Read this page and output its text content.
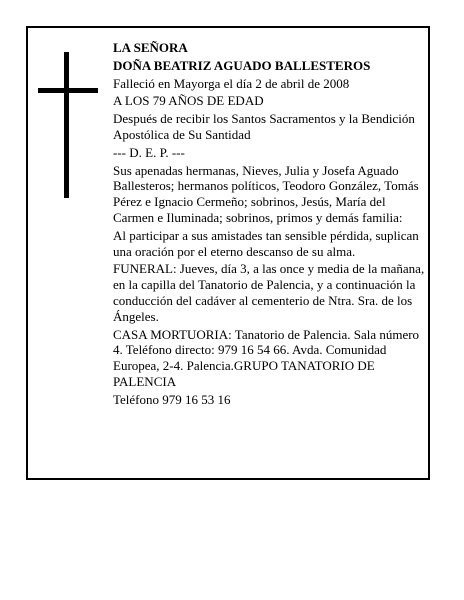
LA SEÑORA

DOÑA BEATRIZ AGUADO BALLESTEROS

Falleció en Mayorga el día 2 de abril de 2008

A LOS 79 AÑOS DE EDAD

Después de recibir los Santos Sacramentos y la Bendición Apostólica de Su Santidad

--- D. E. P. ---

Sus apenadas hermanas, Nieves, Julia y Josefa Aguado Ballesteros; hermanos políticos, Teodoro González, Tomás Pérez e Ignacio Cermeño; sobrinos, Jesús, María del Carmen e Iluminada; sobrinos, primos y demás familia:

Al participar a sus amistades tan sensible pérdida, suplican una oración por el eterno descanso de su alma.

FUNERAL: Jueves, día 3, a las once y media de la mañana, en la capilla del Tanatorio de Palencia, y a continuación la conducción del cadáver al cementerio de Ntra. Sra. de los Ángeles.

CASA MORTUORIA: Tanatorio de Palencia. Sala número 4. Teléfono directo: 979 16 54 66. Avda. Comunidad Europea, 2-4. Palencia.GRUPO TANATORIO DE PALENCIA

Teléfono 979 16 53 16
